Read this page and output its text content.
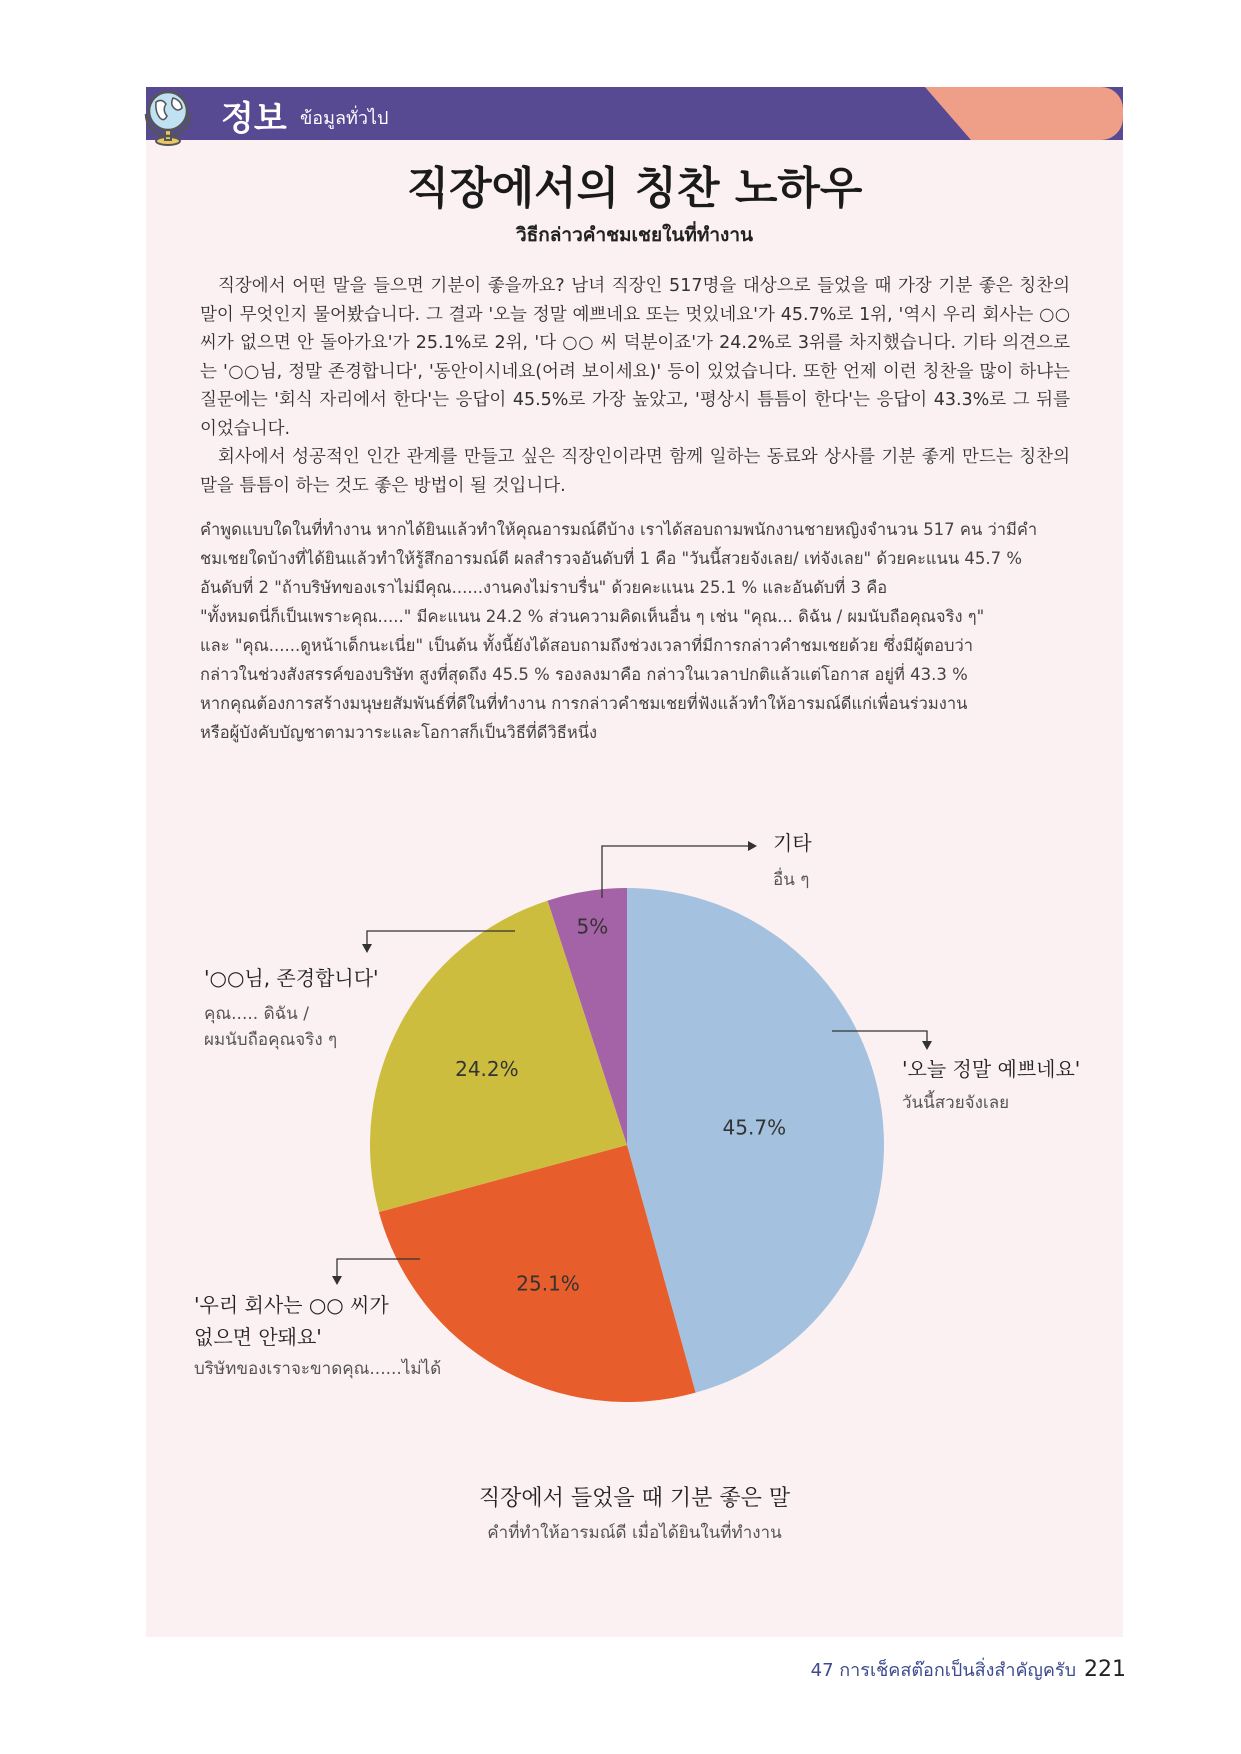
정보 ข้อมูลทั่วไป
직장에서의 칭찬 노하우
วิธีกล่าวคำชมเชยในที่ทำงาน

직장에서 어떤 말을 들으면 기분이 좋을까요? 남녀 직장인 517명을 대상으로 들었을 때 가장 기분 좋은 칭찬의 말이 무엇인지 물어봤습니다. 그 결과 '오늘 정말 예쁘네요 또는 멋있네요'가 45.7%로 1위, '역시 우리 회사는 ○○ 씨가 없으면 안 돌아가요'가 25.1%로 2위, '다 ○○ 씨 덕분이죠'가 24.2%로 3위를 차지했습니다. 기타 의견으로는 '○○님, 정말 존경합니다', '동안이시네요(어려 보이세요)' 등이 있었습니다. 또한 언제 이런 칭찬을 많이 하냐는 질문에는 '회식 자리에서 한다'는 응답이 45.5%로 가장 높았고, '평상시 틈틈이 한다'는 응답이 43.3%로 그 뒤를 이었습니다.

회사에서 성공적인 인간 관계를 만들고 싶은 직장인이라면 함께 일하는 동료와 상사를 기분 좋게 만드는 칭찬의 말을 틈틈이 하는 것도 좋은 방법이 될 것입니다.

คำพูดแบบใดในที่ทำงาน หากได้ยินแล้วทำให้คุณอารมณ์ดีบ้าง เราได้สอบถามพนักงานชายหญิงจำนวน 517 คน ว่ามีคำ

ชมเชยใดบ้างที่ได้ยินแล้วทำให้รู้สึกอารมณ์ดี ผลสำรวจอันดับที่ 1 คือ "วันนี้สวยจังเลย/ เท่จังเลย" ด้วยคะแนน 45.7 %

อันดับที่ 2 "ถ้าบริษัทของเราไม่มีคุณ......งานคงไม่ราบรื่น" ด้วยคะแนน 25.1 % และอันดับที่ 3 คือ

"ทั้งหมดนี่ก็เป็นเพราะคุณ....." มีคะแนน 24.2 % ส่วนความคิดเห็นอื่น ๆ เช่น "คุณ... ดิฉัน / ผมนับถือคุณจริง ๆ"

และ "คุณ......ดูหน้าเด็กนะเนี่ย" เป็นต้น ทั้งนี้ยังได้สอบถามถึงช่วงเวลาที่มีการกล่าวคำชมเชยด้วย ซึ่งมีผู้ตอบว่า

กล่าวในช่วงสังสรรค์ของบริษัท สูงที่สุดถึง 45.5 % รองลงมาคือ กล่าวในเวลาปกติแล้วแต่โอกาส อยู่ที่ 43.3 %

หากคุณต้องการสร้างมนุษยสัมพันธ์ที่ดีในที่ทำงาน การกล่าวคำชมเชยที่ฟังแล้วทำให้อารมณ์ดีแก่เพื่อนร่วมงาน

หรือผู้บังคับบัญชาตามวาระและโอกาสก็เป็นวิธีที่ดีวิธีหนึ่ง

45.7%
25.1%
24.2%
5%
기타
อื่น ๆ
'○○님, 존경합니다'
คุณ..... ดิฉัน /
ผมนับถือคุณจริง ๆ
'오늘 정말 예쁘네요'
วันนี้สวยจังเลย
'우리 회사는 ○○ 씨가
없으면 안돼요'
บริษัทของเราจะขาดคุณ......ไม่ได้
직장에서 들었을 때 기분 좋은 말
คำที่ทำให้อารมณ์ดี เมื่อได้ยินในที่ทำงาน
47 การเช็คสต๊อกเป็นสิ่งสำคัญครับ 221
